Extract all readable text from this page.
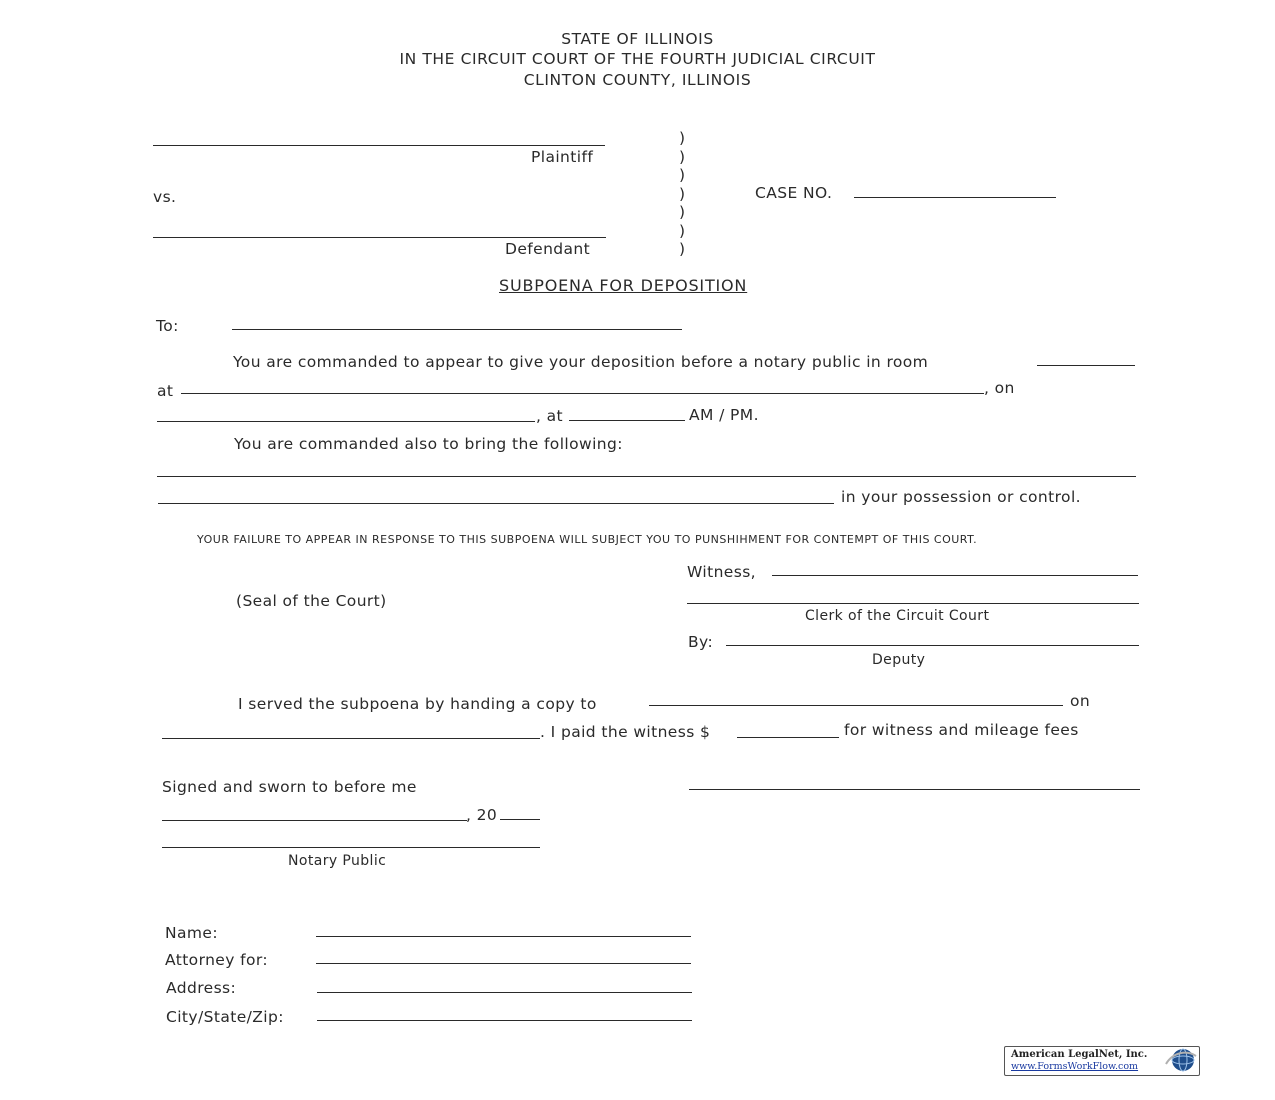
STATE OF ILLINOIS
IN THE CIRCUIT COURT OF THE FOURTH JUDICIAL CIRCUIT
CLINTON COUNTY, ILLINOIS
Plaintiff
vs.
Defendant
)
)
)
)
)
)
)
CASE NO.
SUBPOENA FOR DEPOSITION
To:
You are commanded to appear to give your deposition before a notary public in room
at	, on
, at	AM / PM.
You are commanded also to bring the following:
in your possession or control.
YOUR FAILURE TO APPEAR IN RESPONSE TO THIS SUBPOENA WILL SUBJECT YOU TO PUNSHIHMENT FOR CONTEMPT OF THIS COURT.
Witness,
(Seal of the Court)
Clerk of the Circuit Court
By:
Deputy
I served the subpoena by handing a copy to	on
. I paid the witness $	for witness and mileage fees
Signed and sworn to before me
, 20
Notary Public
Name:
Attorney for:
Address:
City/State/Zip:
American LegalNet, Inc.
www.FormsWorkFlow.com
